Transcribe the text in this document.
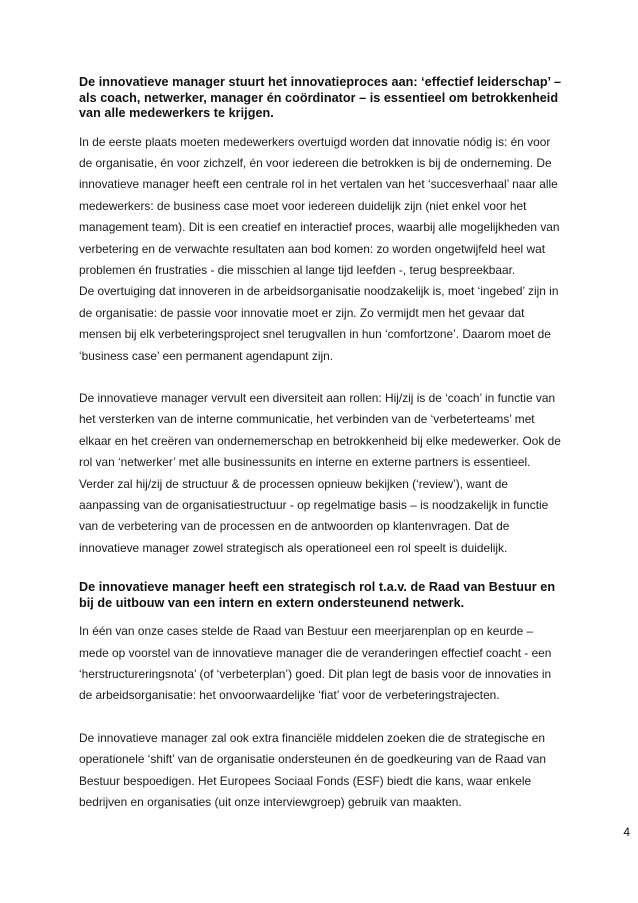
De innovatieve manager stuurt het innovatieproces aan: ‘effectief leiderschap’ – als coach, netwerker, manager én coördinator – is essentieel om betrokkenheid van alle medewerkers te krijgen.

In de eerste plaats moeten medewerkers overtuigd worden dat innovatie nódig is: én voor de organisatie, én voor zichzelf, én voor iedereen die betrokken is bij de onderneming. De innovatieve manager heeft een centrale rol in het vertalen van het ‘succesverhaal’ naar alle medewerkers: de business case moet voor iedereen duidelijk zijn (niet enkel voor het management team). Dit is een creatief en interactief proces, waarbij alle mogelijkheden van verbetering en de verwachte resultaten aan bod komen: zo worden ongetwijfeld heel wat problemen én frustraties - die misschien al lange tijd leefden -, terug bespreekbaar.

De overtuiging dat innoveren in de arbeidsorganisatie noodzakelijk is, moet ‘ingebed’ zijn in de organisatie: de passie voor innovatie moet er zijn. Zo vermijdt men het gevaar dat mensen bij elk verbeteringsproject snel terugvallen in hun ‘comfortzone’. Daarom moet de ‘business case’ een permanent agendapunt zijn.

De innovatieve manager vervult een diversiteit aan rollen: Hij/zij is de ‘coach’ in functie van het versterken van de interne communicatie, het verbinden van de ‘verbeterteams’ met elkaar en het creëren van ondernemerschap en betrokkenheid bij elke medewerker. Ook de rol van ‘netwerker’ met alle businessunits en interne en externe partners is essentieel. Verder zal hij/zij de structuur & de processen opnieuw bekijken (‘review’), want de aanpassing van de organisatiestructuur - op regelmatige basis – is noodzakelijk in functie van de verbetering van de processen en de antwoorden op klantenvragen. Dat de innovatieve manager zowel strategisch als operationeel een rol speelt is duidelijk.

De innovatieve manager heeft een strategisch rol t.a.v. de Raad van Bestuur en bij de uitbouw van een intern en extern ondersteunend netwerk.

In één van onze cases stelde de Raad van Bestuur een meerjarenplan op en keurde – mede op voorstel van de innovatieve manager die de veranderingen effectief coacht - een ‘herstructureringsnota’ (of ‘verbeterplan’) goed. Dit plan legt de basis voor de innovaties in de arbeidsorganisatie: het onvoorwaardelijke ‘fiat’ voor de verbeteringstrajecten.

De innovatieve manager zal ook extra financiële middelen zoeken die de strategische en operationele ‘shift’ van de organisatie ondersteunen én de goedkeuring van de Raad van Bestuur bespoedigen. Het Europees Sociaal Fonds (ESF) biedt die kans, waar enkele bedrijven en organisaties (uit onze interviewgroep) gebruik van maakten.

4
